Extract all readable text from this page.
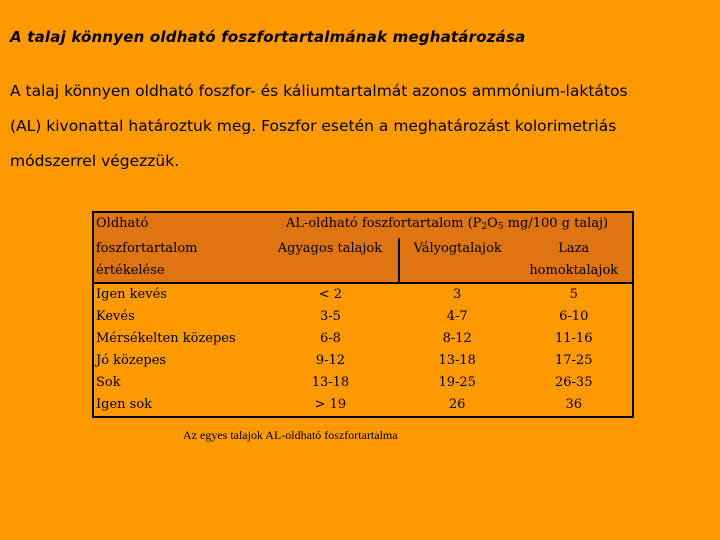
A talaj könnyen oldható foszfortartalmának meghatározása
A talaj könnyen oldható foszfor- és káliumtartalmát azonos ammónium-laktátos
(AL) kivonattal határoztuk meg. Foszfor esetén a meghatározást kolorimetriás
módszerrel végezzük.
Oldható	AL-oldható foszfortartalom ($P_2O_5$ mg/100 g talaj)		
foszfortartalom	Agyagos talajok	Vályogtalajok	Laza
értékelése			homoktalajok
Igen kevés	< 2	3	5
Kevés	3-5	4-7	6-10
Mérsékelten közepes	6-8	8-12	11-16
Jó közepes	9-12	13-18	17-25
Sok	13-18	19-25	26-35
Igen sok	> 19	26	36
Az egyes talajok AL-oldható foszfortartalma
